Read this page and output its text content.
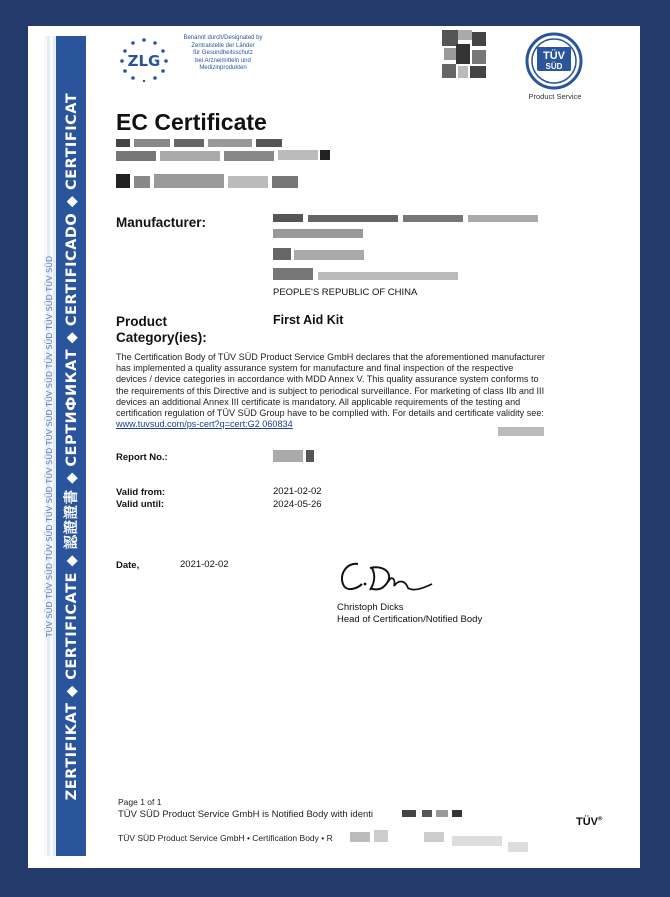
TÜV SÜD TÜV SÜD TÜV SÜD TÜV SÜD TÜV SÜD TÜV SÜD TÜV SÜD TÜV SÜD TÜV SÜD TÜV SÜD ZERTIFIKAT ◆ CERTIFICATE ◆ 認證證書 ◆ СЕРТИФИКАТ ◆ CERTIFICADO ◆ CERTIFICAT
ZLG
Benannt durch/Designated by
Zentralstelle der Länder
für Gesundheitsschutz
bei Arzneimitteln und
Medizinprodukten
TÜV
SÜD
Product Service
EC Certificate
Manufacturer:
PEOPLE'S REPUBLIC OF CHINA
Product
Category(ies):
First Aid Kit
The Certification Body of TÜV SÜD Product Service GmbH declares that the aforementioned manufacturer has implemented a quality assurance system for manufacture and final inspection of the respective devices / device categories in accordance with MDD Annex V. This quality assurance system conforms to the requirements of this Directive and is subject to periodical surveillance. For marketing of class IIb and III devices an additional Annex III certificate is mandatory. All applicable requirements of the testing and certification regulation of TÜV SÜD Group have to be complied with. For details and certificate validity see: www.tuvsud.com/ps-cert?q=cert:G2 060834
Report No.:
Valid from:	2021-02-02
Valid until:	2024-05-26
Date,	2021-02-02
Christoph Dicks
Head of Certification/Notified Body
Page 1 of 1
TÜV SÜD Product Service GmbH is Notified Body with identi
TÜV SÜD Product Service GmbH • Certification Body • R
TÜV®
